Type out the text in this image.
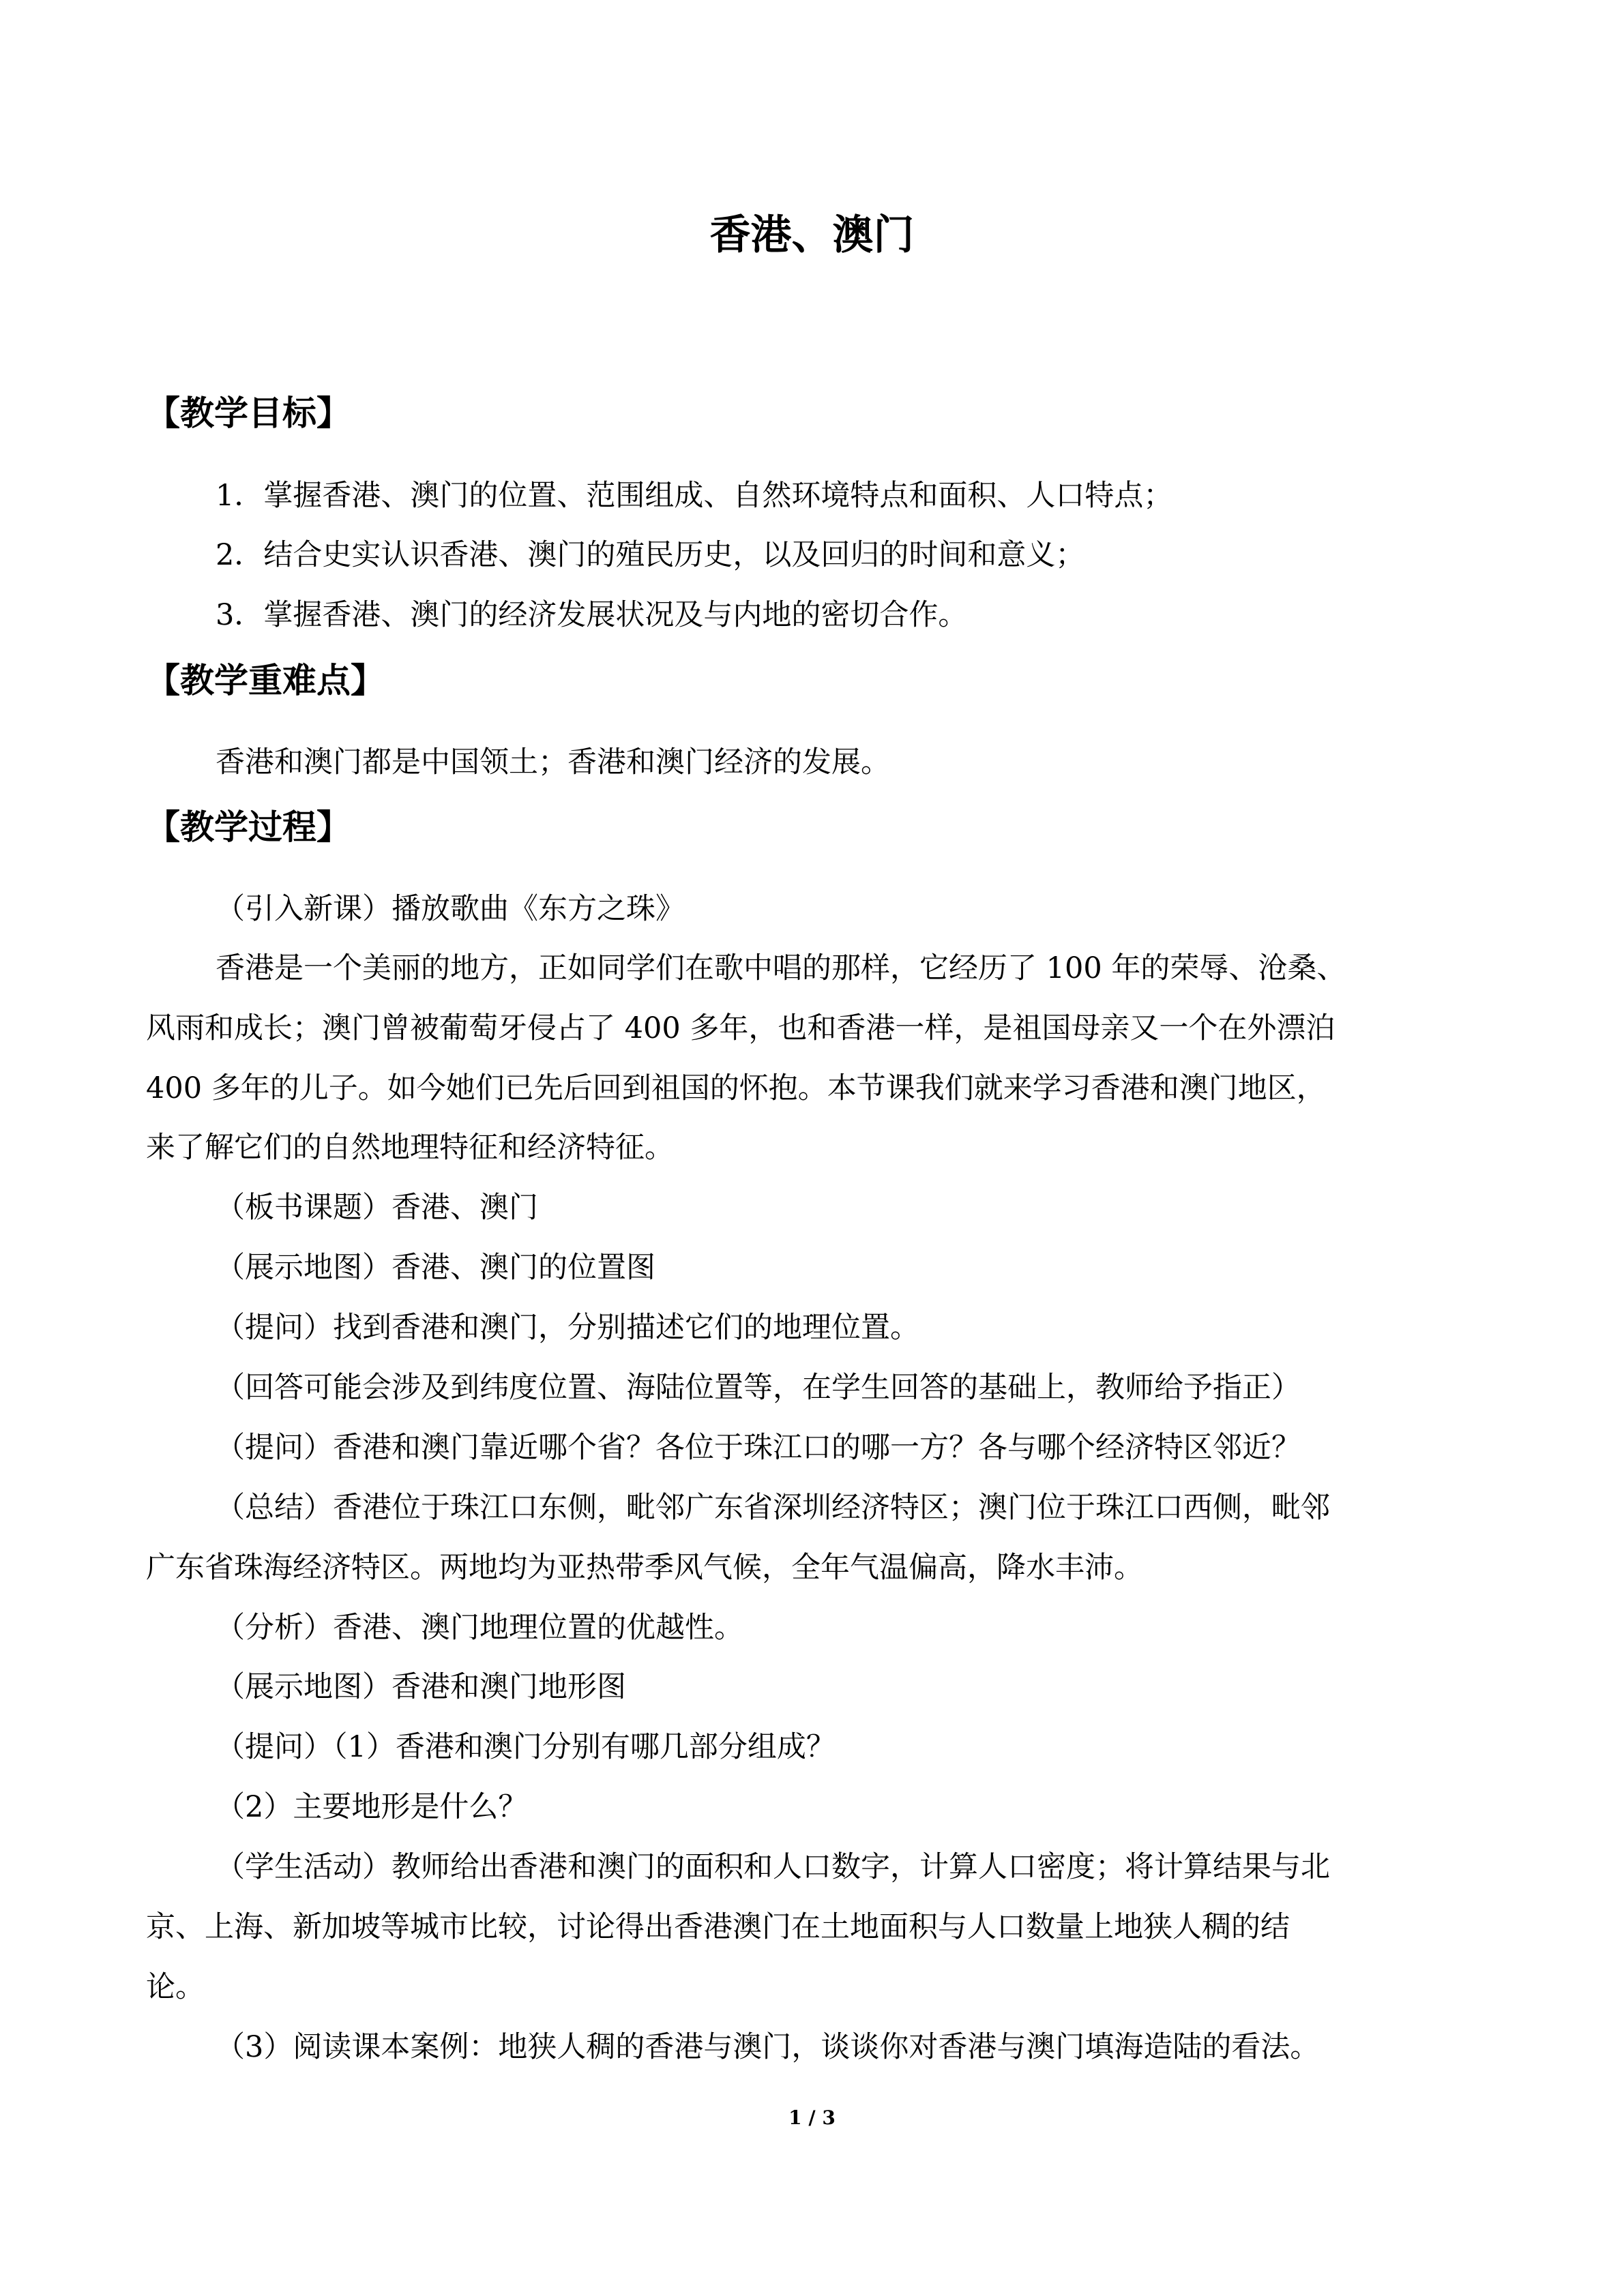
香港、澳门
【教学目标】
1．掌握香港、澳门的位置、范围组成、自然环境特点和面积、人口特点；
2．结合史实认识香港、澳门的殖民历史，以及回归的时间和意义；
3．掌握香港、澳门的经济发展状况及与内地的密切合作。
【教学重难点】
香港和澳门都是中国领土；香港和澳门经济的发展。
【教学过程】
（引入新课）播放歌曲《东方之珠》
香港是一个美丽的地方，正如同学们在歌中唱的那样，它经历了 100 年的荣辱、沧桑、
风雨和成长；澳门曾被葡萄牙侵占了 400 多年，也和香港一样，是祖国母亲又一个在外漂泊
400 多年的儿子。如今她们已先后回到祖国的怀抱。本节课我们就来学习香港和澳门地区，
来了解它们的自然地理特征和经济特征。
（板书课题）香港、澳门
（展示地图）香港、澳门的位置图
（提问）找到香港和澳门，分别描述它们的地理位置。
（回答可能会涉及到纬度位置、海陆位置等，在学生回答的基础上，教师给予指正）
（提问）香港和澳门靠近哪个省？各位于珠江口的哪一方？各与哪个经济特区邻近？
（总结）香港位于珠江口东侧，毗邻广东省深圳经济特区；澳门位于珠江口西侧，毗邻
广东省珠海经济特区。两地均为亚热带季风气候，全年气温偏高，降水丰沛。
（分析）香港、澳门地理位置的优越性。
（展示地图）香港和澳门地形图
（提问）（1）香港和澳门分别有哪几部分组成？
（2）主要地形是什么？
（学生活动）教师给出香港和澳门的面积和人口数字，计算人口密度；将计算结果与北
京、上海、新加坡等城市比较，讨论得出香港澳门在土地面积与人口数量上地狭人稠的结
论。
（3）阅读课本案例：地狭人稠的香港与澳门，谈谈你对香港与澳门填海造陆的看法。
1 / 3
